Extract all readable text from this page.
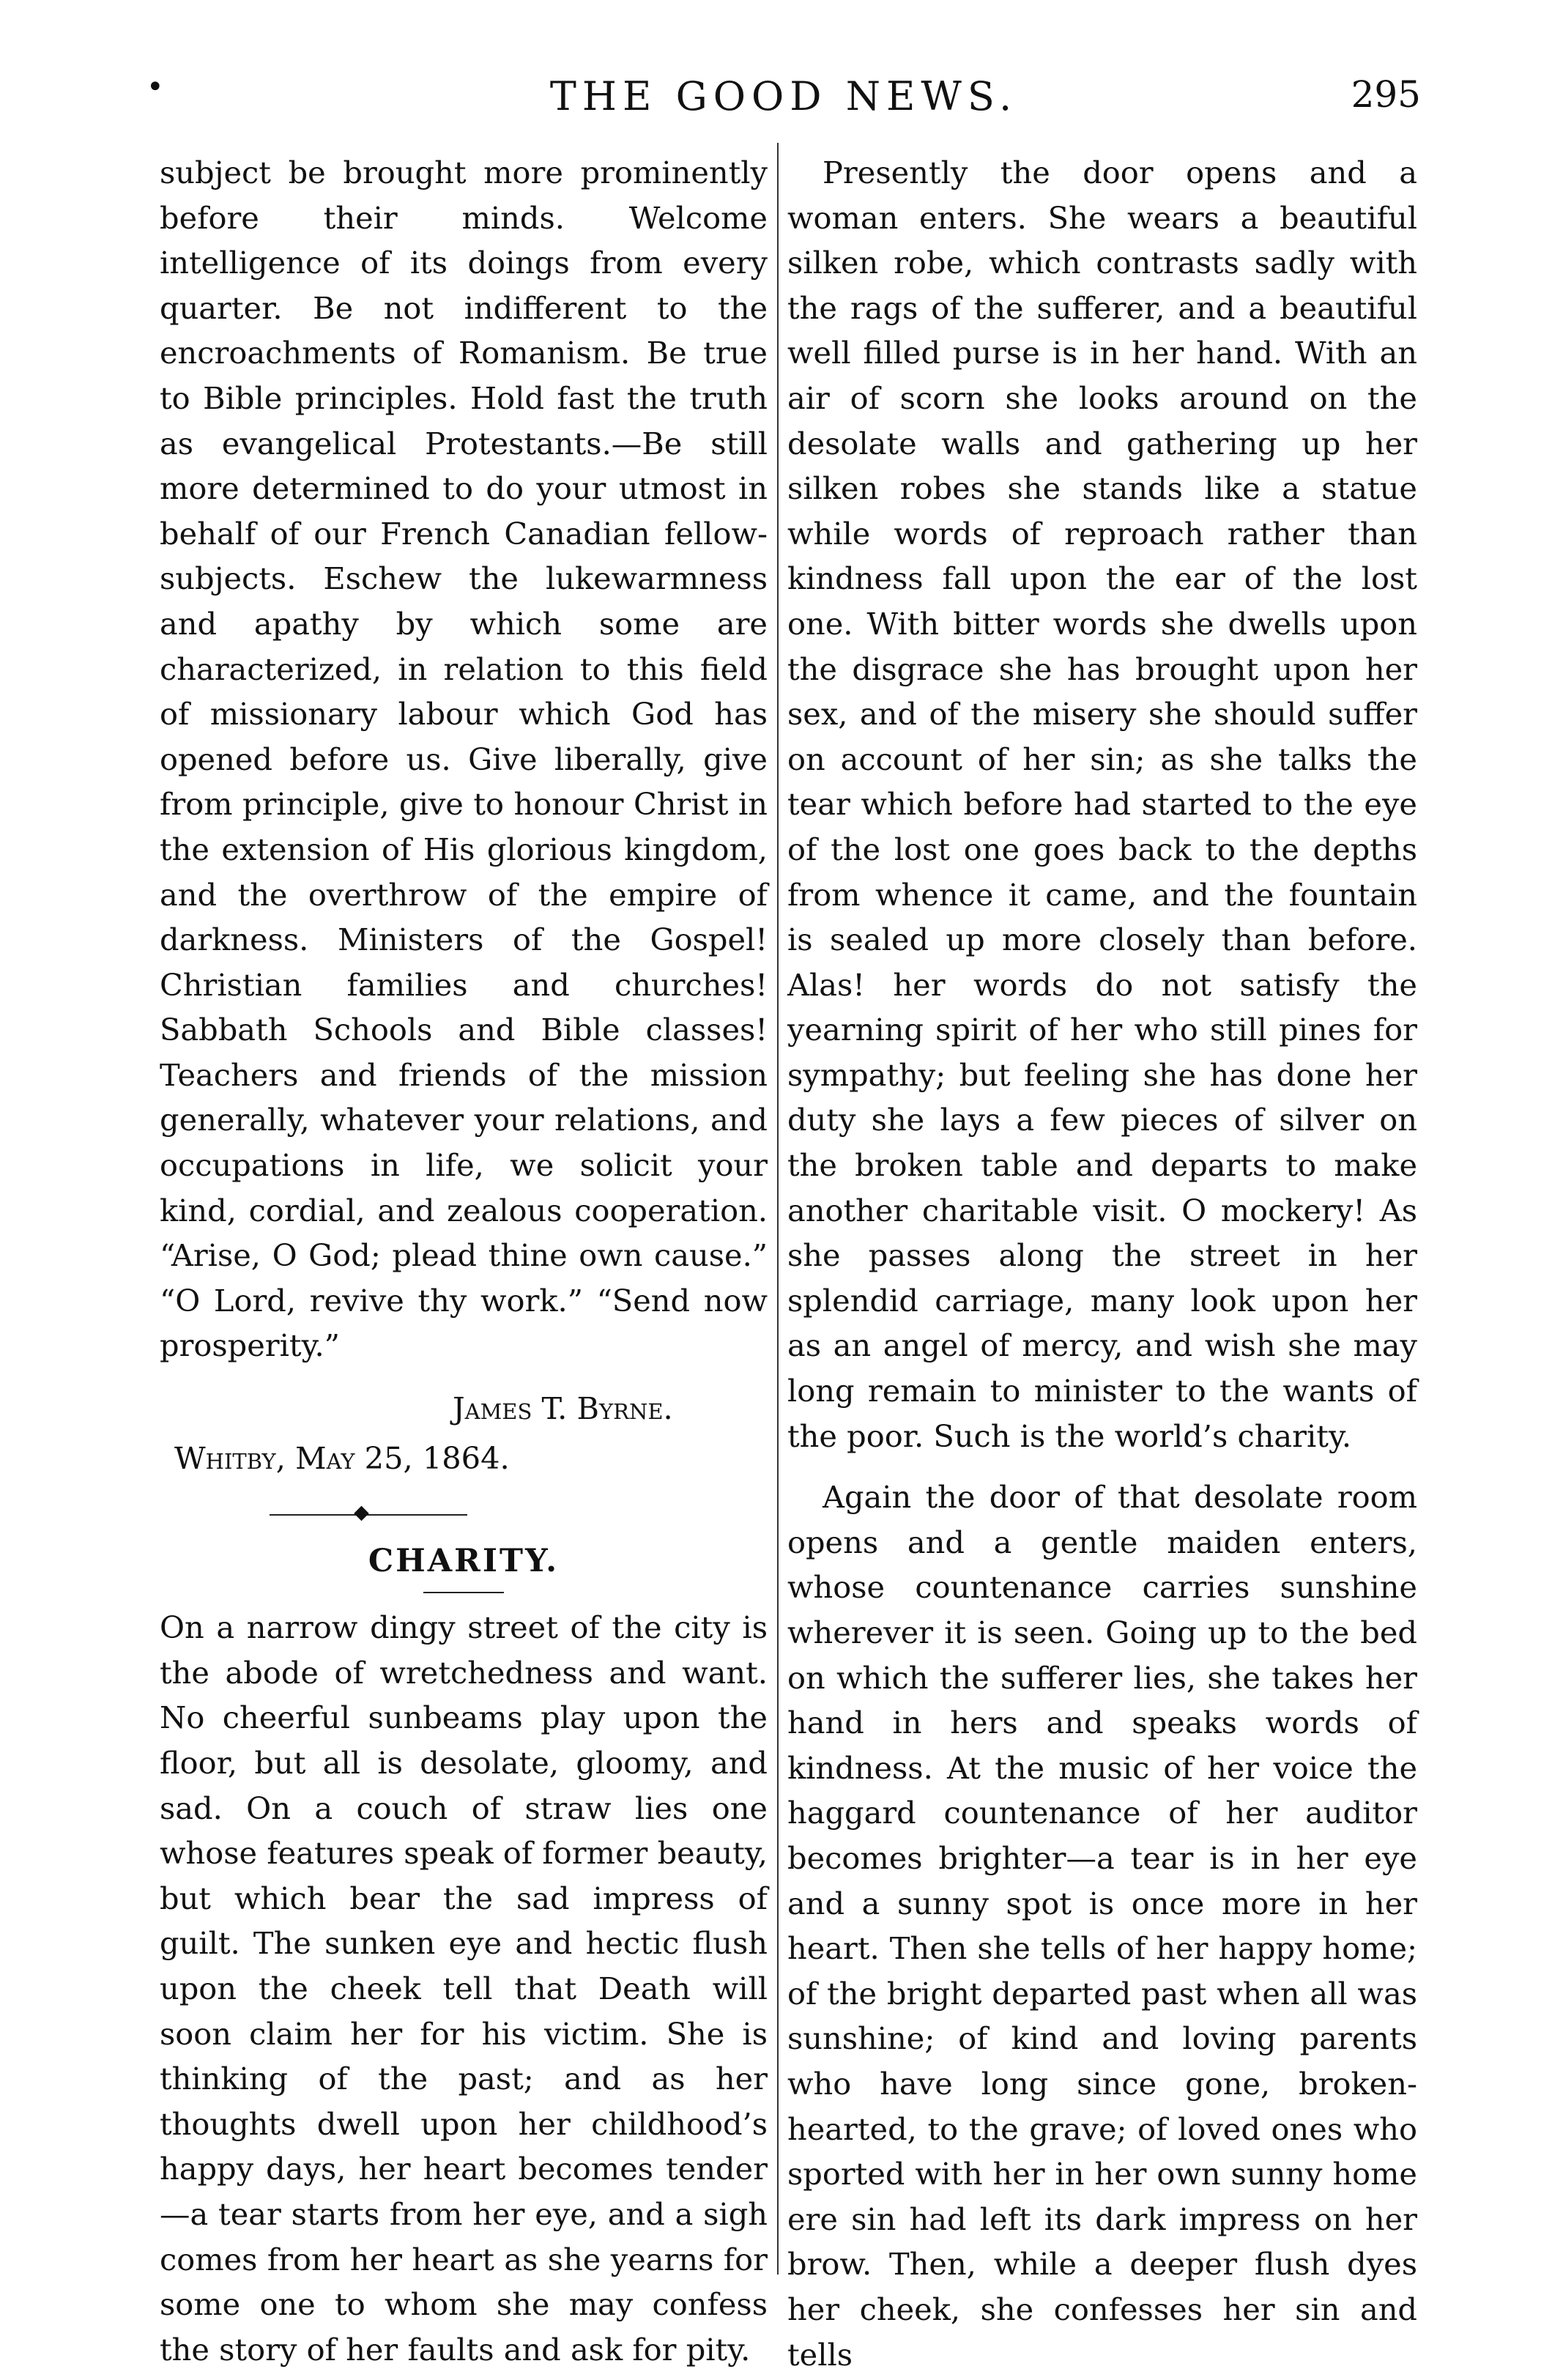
•	THE GOOD NEWS.	295

subject be brought more prominently before their minds. Welcome intelligence of its doings from every quarter. Be not indifferent to the encroachments of Romanism. Be true to Bible principles. Hold fast the truth as evangelical Protestants.—Be still more determined to do your utmost in behalf of our French Canadian fellow-subjects. Eschew the lukewarmness and apathy by which some are characterized, in relation to this field of missionary labour which God has opened before us. Give liberally, give from principle, give to honour Christ in the extension of His glorious kingdom, and the overthrow of the empire of darkness. Ministers of the Gospel! Christian families and churches! Sabbath Schools and Bible classes! Teachers and friends of the mission generally, whatever your relations, and occupations in life, we solicit your kind, cordial, and zealous cooperation. “Arise, O God; plead thine own cause.” “O Lord, revive thy work.” “Send now prosperity.”

James T. Byrne.

Whitby, May 25, 1864.

⬥
CHARITY.

On a narrow dingy street of the city is the abode of wretchedness and want. No cheerful sunbeams play upon the floor, but all is desolate, gloomy, and sad. On a couch of straw lies one whose features speak of former beauty, but which bear the sad impress of guilt. The sunken eye and hectic flush upon the cheek tell that Death will soon claim her for his victim. She is thinking of the past; and as her thoughts dwell upon her childhood’s happy days, her heart becomes tender—a tear starts from her eye, and a sigh comes from her heart as she yearns for some one to whom she may confess the story of her faults and ask for pity.

Presently the door opens and a woman enters. She wears a beautiful silken robe, which contrasts sadly with the rags of the sufferer, and a beautiful well filled purse is in her hand. With an air of scorn she looks around on the desolate walls and gathering up her silken robes she stands like a statue while words of reproach rather than kindness fall upon the ear of the lost one. With bitter words she dwells upon the disgrace she has brought upon her sex, and of the misery she should suffer on account of her sin; as she talks the tear which before had started to the eye of the lost one goes back to the depths from whence it came, and the fountain is sealed up more closely than before. Alas! her words do not satisfy the yearning spirit of her who still pines for sympathy; but feeling she has done her duty she lays a few pieces of silver on the broken table and departs to make another charitable visit. O mockery! As she passes along the street in her splendid carriage, many look upon her as an angel of mercy, and wish she may long remain to minister to the wants of the poor. Such is the world’s charity.

Again the door of that desolate room opens and a gentle maiden enters, whose countenance carries sunshine wherever it is seen. Going up to the bed on which the sufferer lies, she takes her hand in hers and speaks words of kindness. At the music of her voice the haggard countenance of her auditor becomes brighter—a tear is in her eye and a sunny spot is once more in her heart. Then she tells of her happy home; of the bright departed past when all was sunshine; of kind and loving parents who have long since gone, broken-hearted, to the grave; of loved ones who sported with her in her own sunny home ere sin had left its dark impress on her brow. Then, while a deeper flush dyes her cheek, she confesses her sin and tells
